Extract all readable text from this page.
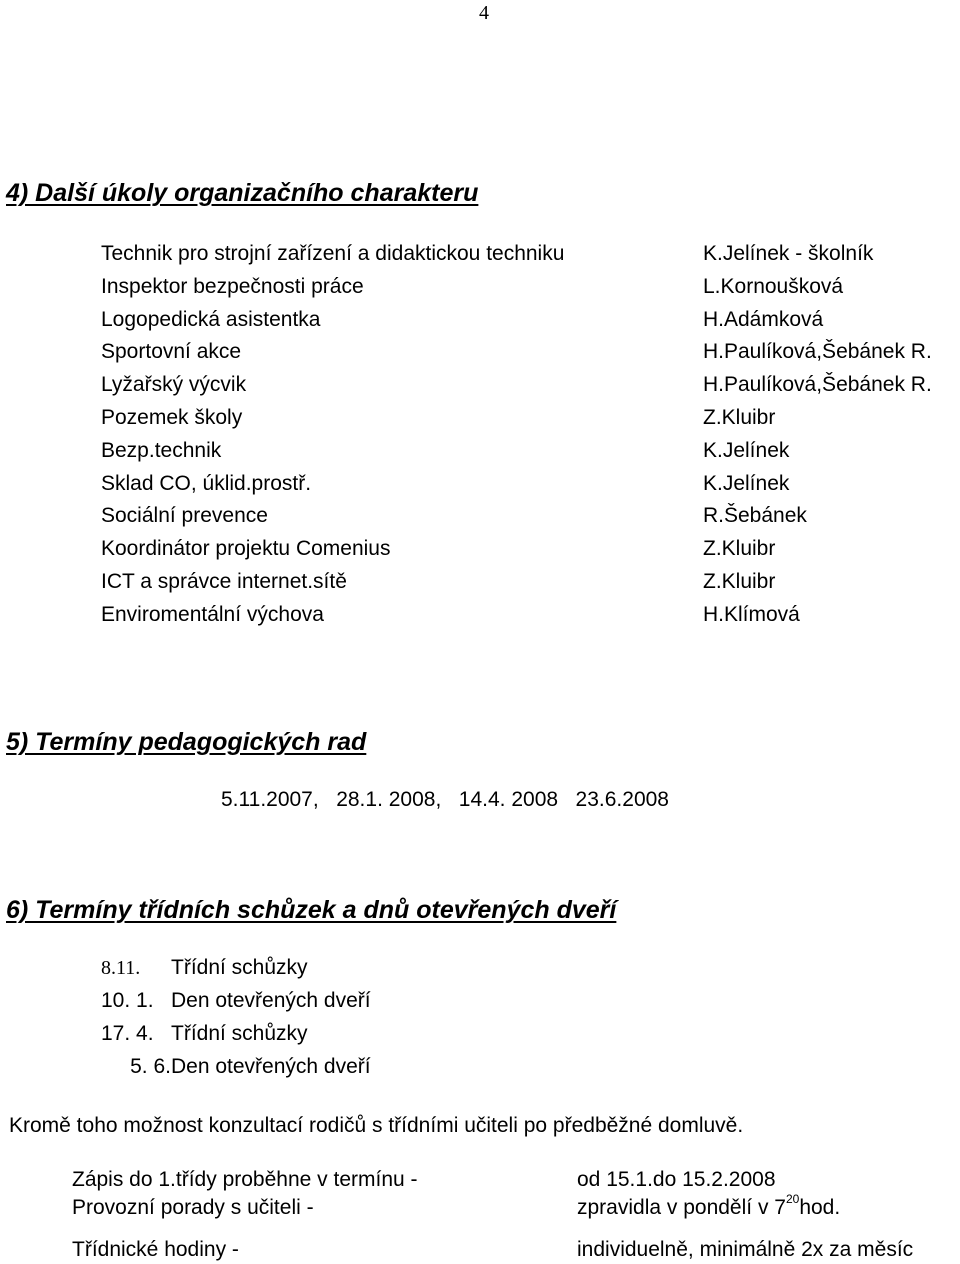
4
4) Další úkoly organizačního charakteru
Technik pro strojní zařízení a didaktickou techniku	K.Jelínek - školník
Inspektor bezpečnosti práce	L.Kornoušková
Logopedická asistentka	H.Adámková
Sportovní akce	H.Paulíková,Šebánek R.
Lyžařský výcvik	H.Paulíková,Šebánek R.
Pozemek školy	Z.Kluibr
Bezp.technik	K.Jelínek
Sklad CO, úklid.prostř.	K.Jelínek
Sociální prevence	R.Šebánek
Koordinátor projektu Comenius	Z.Kluibr
ICT a správce internet.sítě	Z.Kluibr
Enviromentální výchova	H.Klímová
5) Termíny pedagogických rad
5.11.2007,   28.1. 2008,   14.4. 2008   23.6.2008
6) Termíny třídních schůzek a dnů otevřených dveří
8.11. Třídní schůzky
10. 1. Den otevřených dveří
17. 4. Třídní schůzky
5. 6.Den otevřených dveří
Kromě toho možnost konzultací rodičů s třídními učiteli po předběžné domluvě.
Zápis do 1.třídy proběhne v termínu -	od 15.1.do 15.2.2008
Provozní porady s učiteli -	zpravidla v pondělí v $7^{20}hod$.
Třídnické hodiny -	individuelně, minimálně 2x za měsíc
